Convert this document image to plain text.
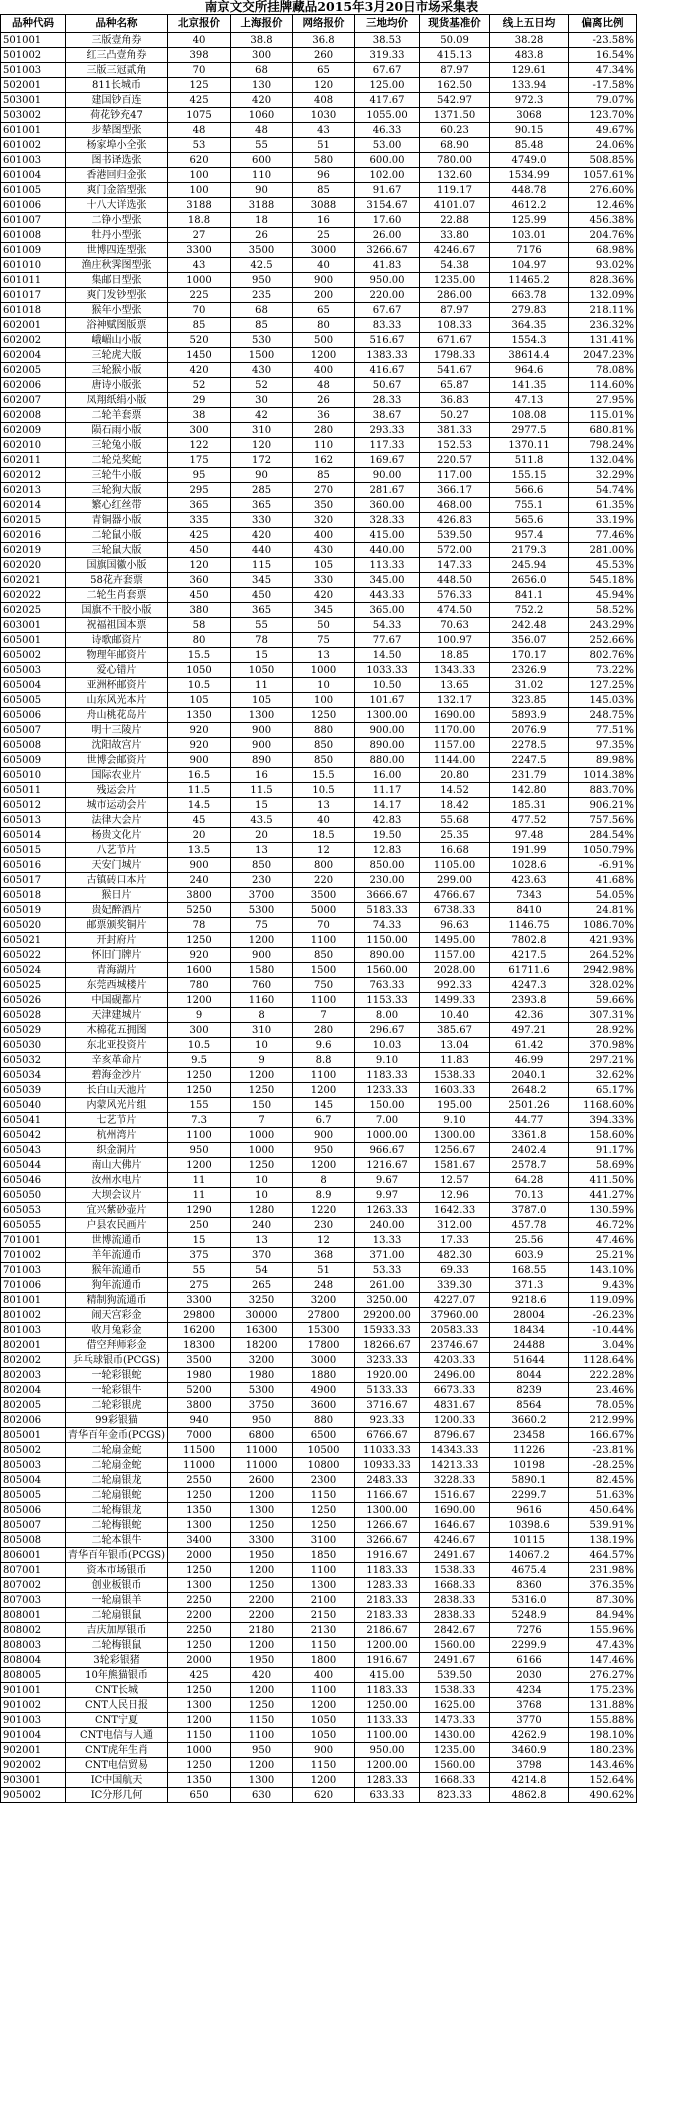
南京文交所挂牌藏品2015年3月20日市场采集表
品种代码	品种名称	北京报价	上海报价	网络报价	三地均价	现货基准价	线上五日均	偏离比例
501001	三版壹角券	40	38.8	36.8	38.53	50.09	38.28	-23.58%
501002	红三凸壹角券	398	300	260	319.33	415.13	483.8	16.54%
501003	三版三冠贰角	70	68	65	67.67	87.97	129.61	47.34%
502001	811长城币	125	130	120	125.00	162.50	133.94	-17.58%
503001	建国钞百连	425	420	408	417.67	542.97	972.3	79.07%
503002	荷花钞充47	1075	1060	1030	1055.00	1371.50	3068	123.70%
601001	步辇图型张	48	48	43	46.33	60.23	90.15	49.67%
601002	杨家埠小全张	53	55	51	53.00	68.90	85.48	24.06%
601003	图书译选张	620	600	580	600.00	780.00	4749.0	508.85%
601004	香港回归金张	100	110	96	102.00	132.60	1534.99	1057.61%
601005	爽门金箔型张	100	90	85	91.67	119.17	448.78	276.60%
601006	十八大详选张	3188	3188	3088	3154.67	4101.07	4612.2	12.46%
601007	二铮小型张	18.8	18	16	17.60	22.88	125.99	456.38%
601008	牡丹小型张	27	26	25	26.00	33.80	103.01	204.76%
601009	世博四连型张	3300	3500	3000	3266.67	4246.67	7176	68.98%
601010	渔庄秋霁图型张	43	42.5	40	41.83	54.38	104.97	93.02%
601011	集邮日型张	1000	950	900	950.00	1235.00	11465.2	828.36%
601017	爽门发钞型张	225	235	200	220.00	286.00	663.78	132.09%
601018	猴年小型张	70	68	65	67.67	87.97	279.83	218.11%
602001	浴神赋图版票	85	85	80	83.33	108.33	364.35	236.32%
602002	峨嵋山小版	520	530	500	516.67	671.67	1554.3	131.41%
602004	三轮虎大版	1450	1500	1200	1383.33	1798.33	38614.4	2047.23%
602005	三轮猴小版	420	430	400	416.67	541.67	964.6	78.08%
602006	唐诗小版张	52	52	48	50.67	65.87	141.35	114.60%
602007	凤翔纸绢小版	29	30	26	28.33	36.83	47.13	27.95%
602008	二轮羊套票	38	42	36	38.67	50.27	108.08	115.01%
602009	陨石雨小版	300	310	280	293.33	381.33	2977.5	680.81%
602010	三轮兔小版	122	120	110	117.33	152.53	1370.11	798.24%
602011	二轮兑奖蛇	175	172	162	169.67	220.57	511.8	132.04%
602012	三轮牛小版	95	90	85	90.00	117.00	155.15	32.29%
602013	三轮狗大版	295	285	270	281.67	366.17	566.6	54.74%
602014	繁心红丝带	365	365	350	360.00	468.00	755.1	61.35%
602015	青铜器小版	335	330	320	328.33	426.83	565.6	33.19%
602016	二轮鼠小版	425	420	400	415.00	539.50	957.4	77.46%
602019	三轮鼠大版	450	440	430	440.00	572.00	2179.3	281.00%
602020	国旗国徽小版	120	115	105	113.33	147.33	245.94	45.53%
602021	58花卉套票	360	345	330	345.00	448.50	2656.0	545.18%
602022	二轮生肖套票	450	450	420	443.33	576.33	841.1	45.94%
602025	国旗不干胶小版	380	365	345	365.00	474.50	752.2	58.52%
603001	祝福祖国本票	58	55	50	54.33	70.63	242.48	243.29%
605001	诗歌邮资片	80	78	75	77.67	100.97	356.07	252.66%
605002	物理年邮资片	15.5	15	13	14.50	18.85	170.17	802.76%
605003	爱心错片	1050	1050	1000	1033.33	1343.33	2326.9	73.22%
605004	亚洲杯邮资片	10.5	11	10	10.50	13.65	31.02	127.25%
605005	山东风光本片	105	105	100	101.67	132.17	323.85	145.03%
605006	舟山桃花岛片	1350	1300	1250	1300.00	1690.00	5893.9	248.75%
605007	明十三陵片	920	900	880	900.00	1170.00	2076.9	77.51%
605008	沈阳故宫片	920	900	850	890.00	1157.00	2278.5	97.35%
605009	世博会邮资片	900	890	850	880.00	1144.00	2247.5	89.98%
605010	国际农业片	16.5	16	15.5	16.00	20.80	231.79	1014.38%
605011	残运会片	11.5	11.5	10.5	11.17	14.52	142.80	883.70%
605012	城市运动会片	14.5	15	13	14.17	18.42	185.31	906.21%
605013	法律大会片	45	43.5	40	42.83	55.68	477.52	757.56%
605014	杨贵文化片	20	20	18.5	19.50	25.35	97.48	284.54%
605015	八艺节片	13.5	13	12	12.83	16.68	191.99	1050.79%
605016	天安门城片	900	850	800	850.00	1105.00	1028.6	-6.91%
605017	古镇砖口本片	240	230	220	230.00	299.00	423.63	41.68%
605018	猴日片	3800	3700	3500	3666.67	4766.67	7343	54.05%
605019	贵妃醉酒片	5250	5300	5000	5183.33	6738.33	8410	24.81%
605020	邮票颁奖铜片	78	75	70	74.33	96.63	1146.75	1086.70%
605021	开封府片	1250	1200	1100	1150.00	1495.00	7802.8	421.93%
605022	怀旧门牌片	920	900	850	890.00	1157.00	4217.5	264.52%
605024	青海湖片	1600	1580	1500	1560.00	2028.00	61711.6	2942.98%
605025	东莞西城楼片	780	760	750	763.33	992.33	4247.3	328.02%
605026	中国砚都片	1200	1160	1100	1153.33	1499.33	2393.8	59.66%
605028	天津建城片	9	8	7	8.00	10.40	42.36	307.31%
605029	木棉花五拥图	300	310	280	296.67	385.67	497.21	28.92%
605030	东北亚投资片	10.5	10	9.6	10.03	13.04	61.42	370.98%
605032	辛亥革命片	9.5	9	8.8	9.10	11.83	46.99	297.21%
605034	碧海金沙片	1250	1200	1100	1183.33	1538.33	2040.1	32.62%
605039	长白山天池片	1250	1250	1200	1233.33	1603.33	2648.2	65.17%
605040	内蒙风光片组	155	150	145	150.00	195.00	2501.26	1168.60%
605041	七艺节片	7.3	7	6.7	7.00	9.10	44.77	394.33%
605042	杭州湾片	1100	1000	900	1000.00	1300.00	3361.8	158.60%
605043	织金洞片	950	1000	950	966.67	1256.67	2402.4	91.17%
605044	南山大佛片	1200	1250	1200	1216.67	1581.67	2578.7	58.69%
605046	汝州水电片	11	10	8	9.67	12.57	64.28	411.50%
605050	大坝会议片	11	10	8.9	9.97	12.96	70.13	441.27%
605053	宜兴紫砂壶片	1290	1280	1220	1263.33	1642.33	3787.0	130.59%
605055	户县农民画片	250	240	230	240.00	312.00	457.78	46.72%
701001	世博流通币	15	13	12	13.33	17.33	25.56	47.46%
701002	羊年流通币	375	370	368	371.00	482.30	603.9	25.21%
701003	猴年流通币	55	54	51	53.33	69.33	168.55	143.10%
701006	狗年流通币	275	265	248	261.00	339.30	371.3	9.43%
801001	精制狗流通币	3300	3250	3200	3250.00	4227.07	9218.6	119.09%
801002	闹天宫彩金	29800	30000	27800	29200.00	37960.00	28004	-26.23%
801003	收月兔彩金	16200	16300	15300	15933.33	20583.33	18434	-10.44%
802001	借空拜师彩金	18300	18200	17800	18266.67	23746.67	24488	3.04%
802002	乒乓球银币(PCGS)	3500	3200	3000	3233.33	4203.33	51644	1128.64%
802003	一轮彩银蛇	1980	1980	1880	1920.00	2496.00	8044	222.28%
802004	一轮彩银牛	5200	5300	4900	5133.33	6673.33	8239	23.46%
802005	二轮彩银虎	3800	3750	3600	3716.67	4831.67	8564	78.05%
802006	99彩银猫	940	950	880	923.33	1200.33	3660.2	212.99%
805001	青华百年金币(PCGS)	7000	6800	6500	6766.67	8796.67	23458	166.67%
805002	二轮扇金蛇	11500	11000	10500	11033.33	14343.33	11226	-23.81%
805003	二轮扇金蛇	11000	11000	10800	10933.33	14213.33	10198	-28.25%
805004	二轮扇银龙	2550	2600	2300	2483.33	3228.33	5890.1	82.45%
805005	二轮扇银蛇	1250	1200	1150	1166.67	1516.67	2299.7	51.63%
805006	二轮梅银龙	1350	1300	1250	1300.00	1690.00	9616	450.64%
805007	二轮梅银蛇	1300	1250	1250	1266.67	1646.67	10398.6	539.91%
805008	二轮本银牛	3400	3300	3100	3266.67	4246.67	10115	138.19%
806001	青华百年银币(PCGS)	2000	1950	1850	1916.67	2491.67	14067.2	464.57%
807001	资本市场银币	1250	1200	1100	1183.33	1538.33	4675.4	231.98%
807002	创业板银币	1300	1250	1300	1283.33	1668.33	8360	376.35%
807003	一轮扇银羊	2250	2200	2100	2183.33	2838.33	5316.0	87.30%
808001	二轮扇银鼠	2200	2200	2150	2183.33	2838.33	5248.9	84.94%
808002	吉庆加厚银币	2250	2180	2130	2186.67	2842.67	7276	155.96%
808003	二轮梅银鼠	1250	1200	1150	1200.00	1560.00	2299.9	47.43%
808004	3轮彩银猪	2000	1950	1800	1916.67	2491.67	6166	147.46%
808005	10年熊猫银币	425	420	400	415.00	539.50	2030	276.27%
901001	CNT长城	1250	1200	1100	1183.33	1538.33	4234	175.23%
901002	CNT人民日报	1300	1250	1200	1250.00	1625.00	3768	131.88%
901003	CNT宁夏	1200	1150	1050	1133.33	1473.33	3770	155.88%
901004	CNT电信与人通	1150	1100	1050	1100.00	1430.00	4262.9	198.10%
902001	CNT虎年生肖	1000	950	900	950.00	1235.00	3460.9	180.23%
902002	CNT电信贸易	1250	1200	1150	1200.00	1560.00	3798	143.46%
903001	IC中国航天	1350	1300	1200	1283.33	1668.33	4214.8	152.64%
905002	IC分形几何	650	630	620	633.33	823.33	4862.8	490.62%
